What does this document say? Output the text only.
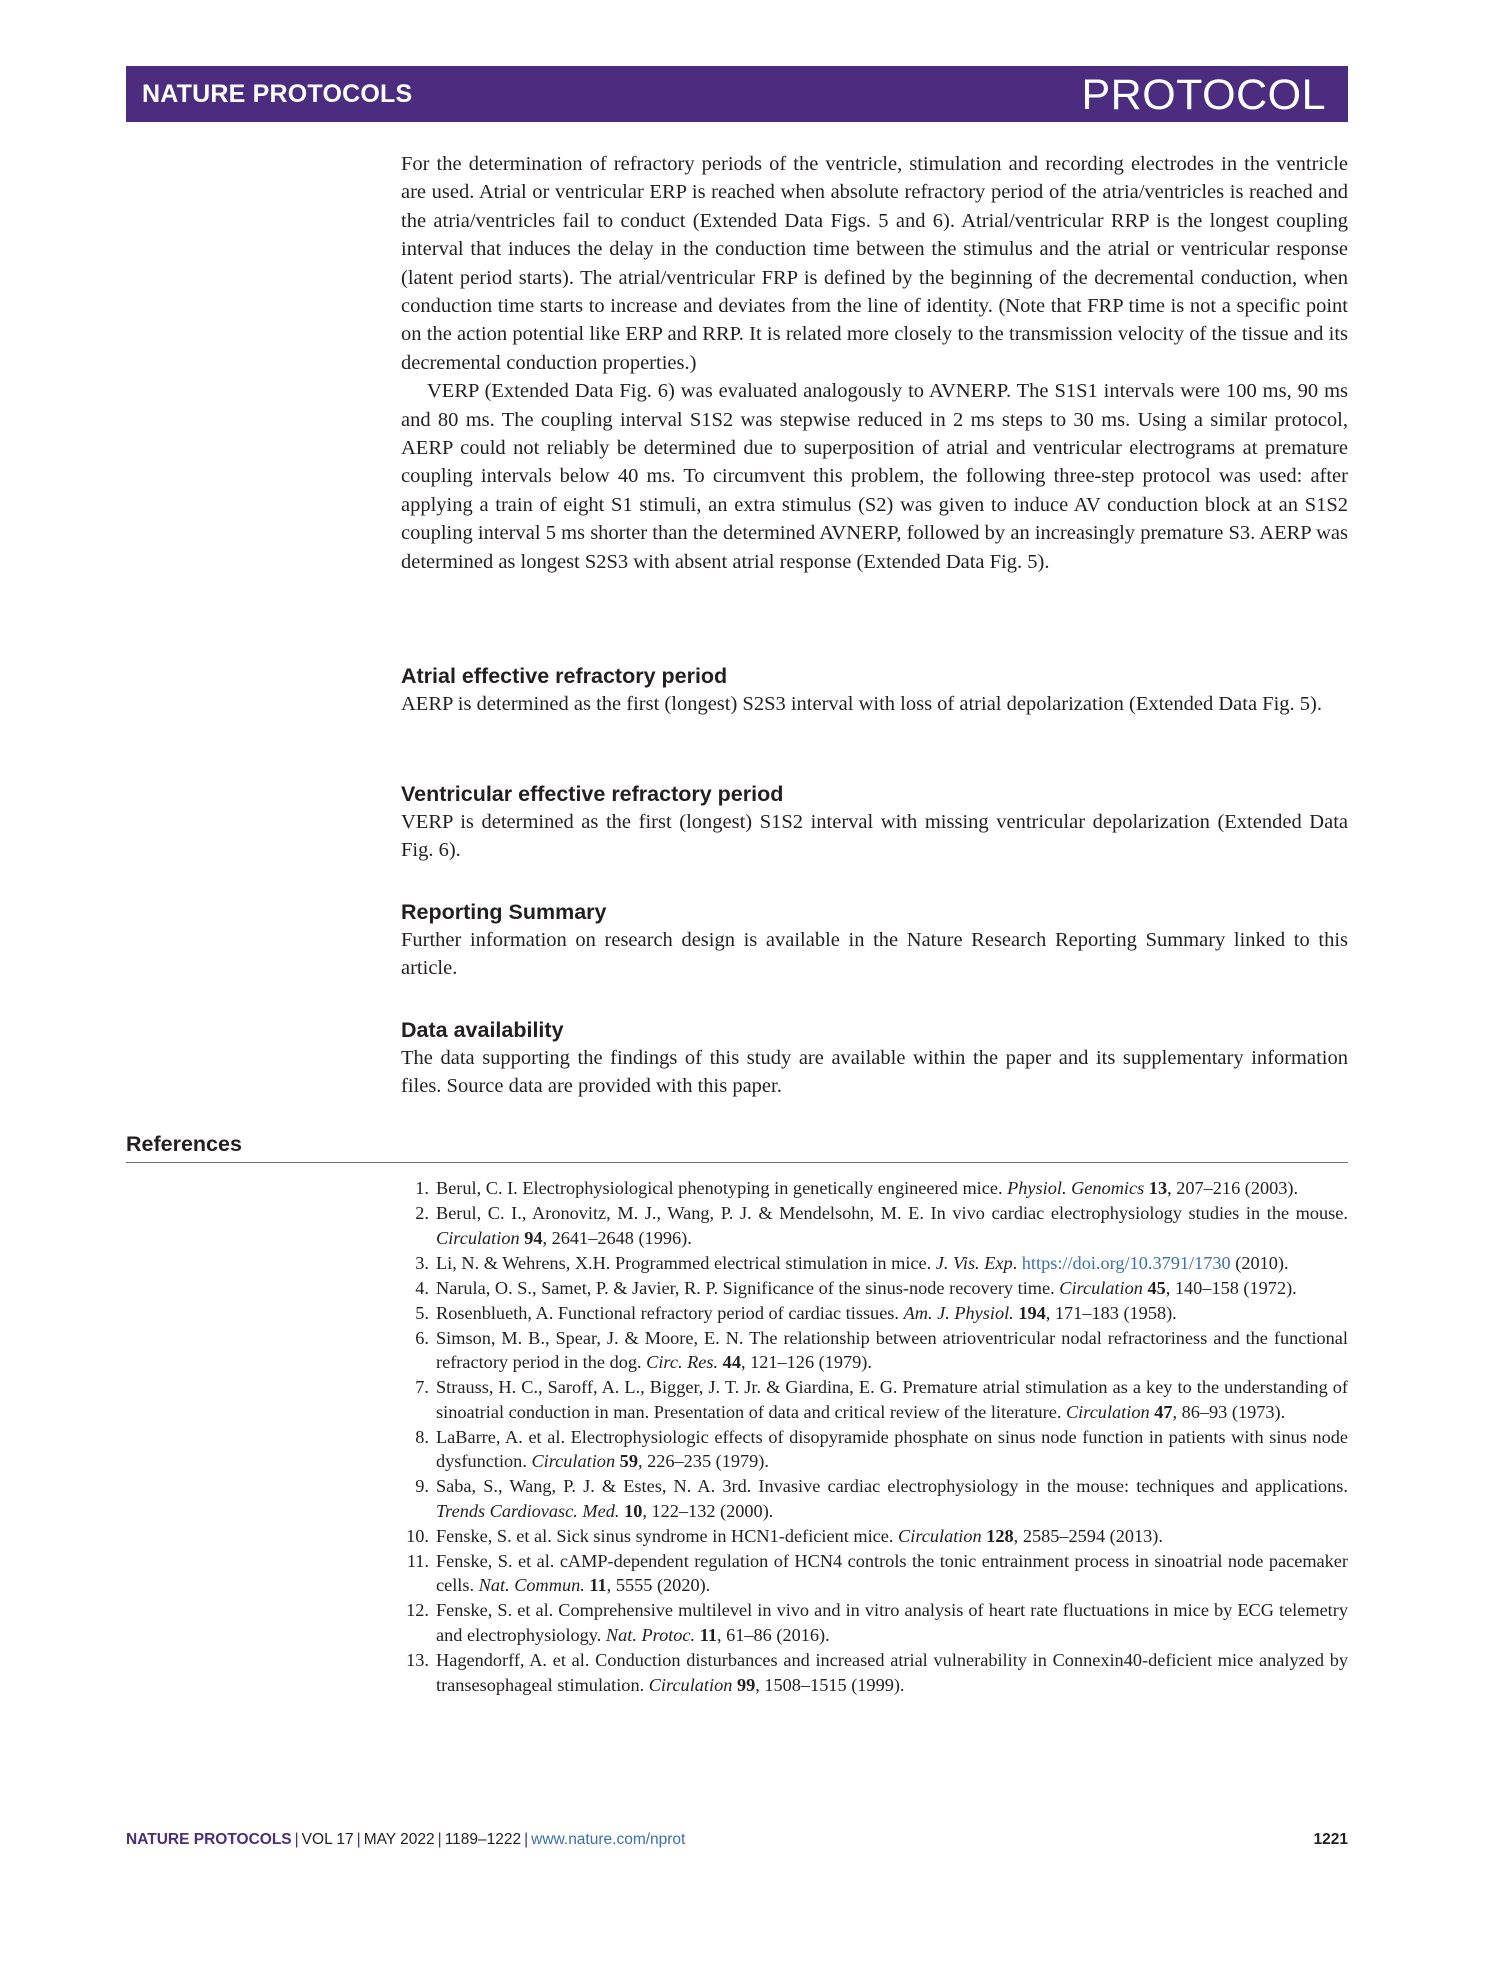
NATURE PROTOCOLS	PROTOCOL

For the determination of refractory periods of the ventricle, stimulation and recording electrodes in the ventricle are used. Atrial or ventricular ERP is reached when absolute refractory period of the atria/ventricles is reached and the atria/ventricles fail to conduct (Extended Data Figs. 5 and 6). Atrial/ventricular RRP is the longest coupling interval that induces the delay in the conduction time between the stimulus and the atrial or ventricular response (latent period starts). The atrial/ventricular FRP is defined by the beginning of the decremental conduction, when conduction time starts to increase and deviates from the line of identity. (Note that FRP time is not a specific point on the action potential like ERP and RRP. It is related more closely to the transmission velocity of the tissue and its decremental conduction properties.)

VERP (Extended Data Fig. 6) was evaluated analogously to AVNERP. The S1S1 intervals were 100 ms, 90 ms and 80 ms. The coupling interval S1S2 was stepwise reduced in 2 ms steps to 30 ms. Using a similar protocol, AERP could not reliably be determined due to superposition of atrial and ventricular electrograms at premature coupling intervals below 40 ms. To circumvent this problem, the following three-step protocol was used: after applying a train of eight S1 stimuli, an extra stimulus (S2) was given to induce AV conduction block at an S1S2 coupling interval 5 ms shorter than the determined AVNERP, followed by an increasingly premature S3. AERP was determined as longest S2S3 with absent atrial response (Extended Data Fig. 5).

Atrial effective refractory period

AERP is determined as the first (longest) S2S3 interval with loss of atrial depolarization (Extended Data Fig. 5).

Ventricular effective refractory period

VERP is determined as the first (longest) S1S2 interval with missing ventricular depolarization (Extended Data Fig. 6).

Reporting Summary

Further information on research design is available in the Nature Research Reporting Summary linked to this article.

Data availability

The data supporting the findings of this study are available within the paper and its supplementary information files. Source data are provided with this paper.

References
1. Berul, C. I. Electrophysiological phenotyping in genetically engineered mice. Physiol. Genomics 13, 207–216 (2003).
2. Berul, C. I., Aronovitz, M. J., Wang, P. J. & Mendelsohn, M. E. In vivo cardiac electrophysiology studies in the mouse. Circulation 94, 2641–2648 (1996).
3. Li, N. & Wehrens, X.H. Programmed electrical stimulation in mice. J. Vis. Exp. https://doi.org/10.3791/1730 (2010).
4. Narula, O. S., Samet, P. & Javier, R. P. Significance of the sinus-node recovery time. Circulation 45, 140–158 (1972).
5. Rosenblueth, A. Functional refractory period of cardiac tissues. Am. J. Physiol. 194, 171–183 (1958).
6. Simson, M. B., Spear, J. & Moore, E. N. The relationship between atrioventricular nodal refractoriness and the functional refractory period in the dog. Circ. Res. 44, 121–126 (1979).
7. Strauss, H. C., Saroff, A. L., Bigger, J. T. Jr. & Giardina, E. G. Premature atrial stimulation as a key to the understanding of sinoatrial conduction in man. Presentation of data and critical review of the literature. Circulation 47, 86–93 (1973).
8. LaBarre, A. et al. Electrophysiologic effects of disopyramide phosphate on sinus node function in patients with sinus node dysfunction. Circulation 59, 226–235 (1979).
9. Saba, S., Wang, P. J. & Estes, N. A. 3rd. Invasive cardiac electrophysiology in the mouse: techniques and applications. Trends Cardiovasc. Med. 10, 122–132 (2000).
10. Fenske, S. et al. Sick sinus syndrome in HCN1-deficient mice. Circulation 128, 2585–2594 (2013).
11. Fenske, S. et al. cAMP-dependent regulation of HCN4 controls the tonic entrainment process in sinoatrial node pacemaker cells. Nat. Commun. 11, 5555 (2020).
12. Fenske, S. et al. Comprehensive multilevel in vivo and in vitro analysis of heart rate fluctuations in mice by ECG telemetry and electrophysiology. Nat. Protoc. 11, 61–86 (2016).
13. Hagendorff, A. et al. Conduction disturbances and increased atrial vulnerability in Connexin40-deficient mice analyzed by transesophageal stimulation. Circulation 99, 1508–1515 (1999).
NATURE PROTOCOLS | VOL 17 | MAY 2022 | 1189–1222 | www.nature.com/nprot	1221
